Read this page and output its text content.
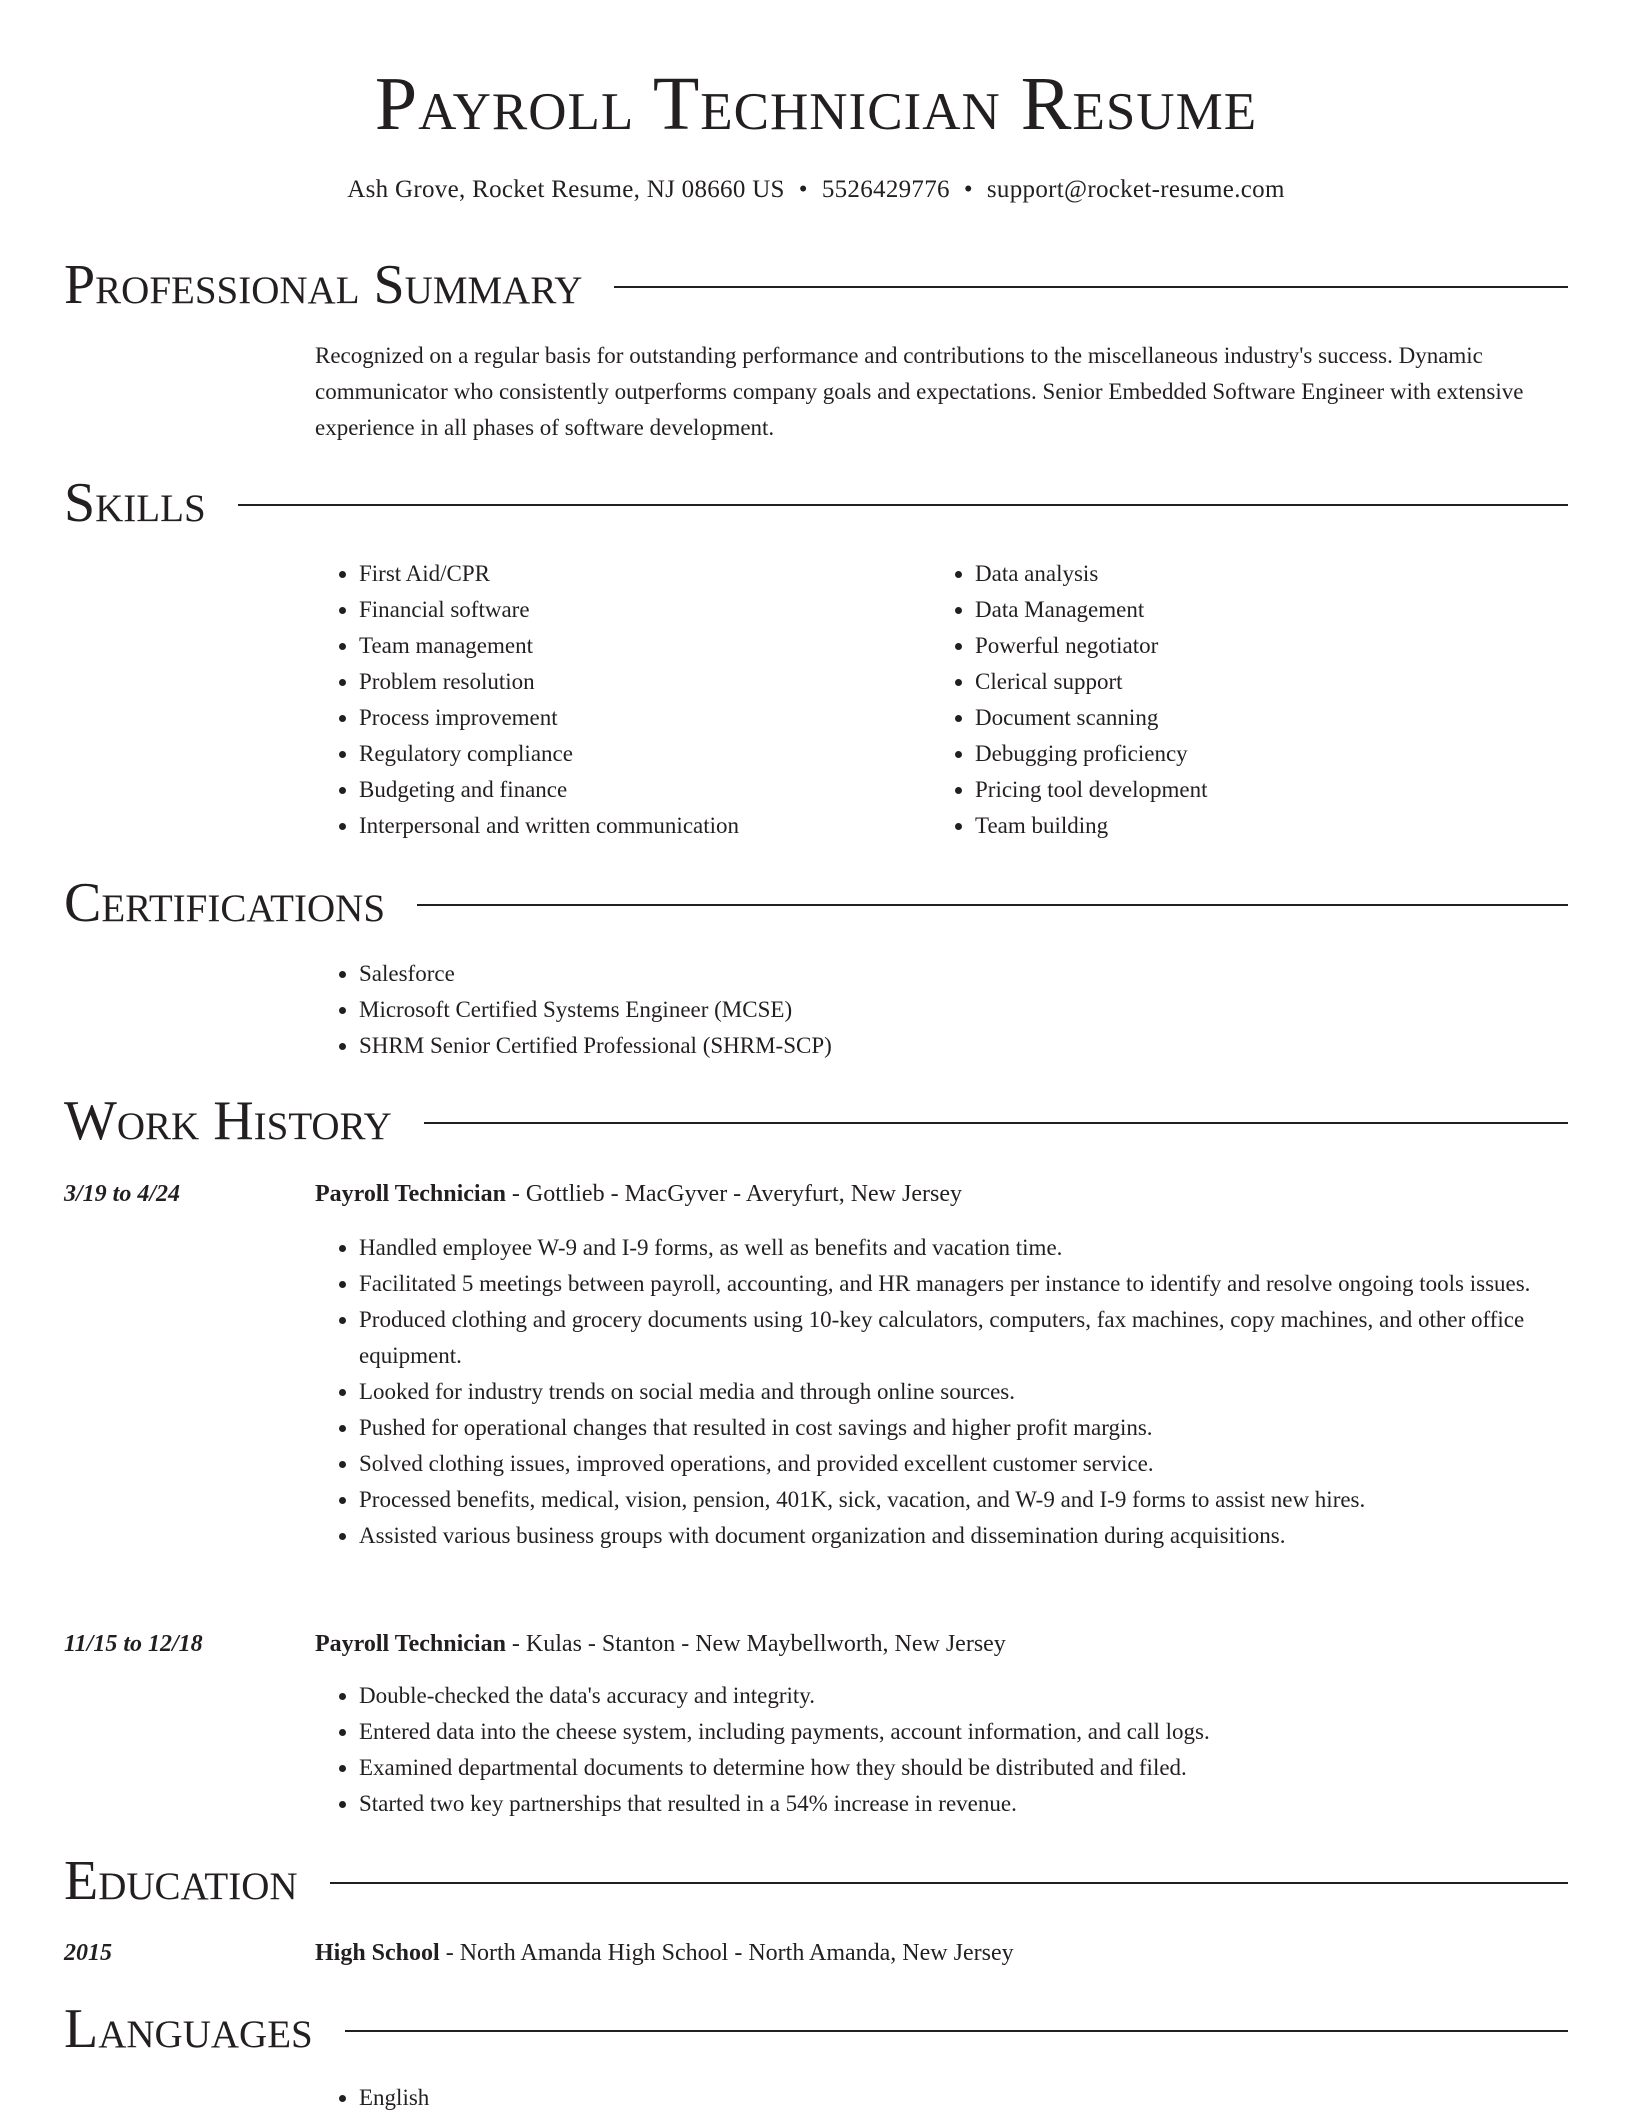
Payroll Technician Resume
Ash Grove, Rocket Resume, NJ 08660 US • 5526429776 • support@rocket-resume.com
Professional Summary

Recognized on a regular basis for outstanding performance and contributions to the miscellaneous industry's success. Dynamic communicator who consistently outperforms company goals and expectations. Senior Embedded Software Engineer with extensive experience in all phases of software development.

Skills
• First Aid/CPR
• Financial software
• Team management
• Problem resolution
• Process improvement
• Regulatory compliance
• Budgeting and finance
• Interpersonal and written communication
• Data analysis
• Data Management
• Powerful negotiator
• Clerical support
• Document scanning
• Debugging proficiency
• Pricing tool development
• Team building
Certifications
• Salesforce
• Microsoft Certified Systems Engineer (MCSE)
• SHRM Senior Certified Professional (SHRM-SCP)
Work History
3/19 to 4/24	Payroll Technician - Gottlieb - MacGyver - Averyfurt, New Jersey
• Handled employee W-9 and I-9 forms, as well as benefits and vacation time.
• Facilitated 5 meetings between payroll, accounting, and HR managers per instance to identify and resolve ongoing tools issues.
• Produced clothing and grocery documents using 10-key calculators, computers, fax machines, copy machines, and other office equipment.
• Looked for industry trends on social media and through online sources.
• Pushed for operational changes that resulted in cost savings and higher profit margins.
• Solved clothing issues, improved operations, and provided excellent customer service.
• Processed benefits, medical, vision, pension, 401K, sick, vacation, and W-9 and I-9 forms to assist new hires.
• Assisted various business groups with document organization and dissemination during acquisitions.
11/15 to 12/18	Payroll Technician - Kulas - Stanton - New Maybellworth, New Jersey
• Double-checked the data's accuracy and integrity.
• Entered data into the cheese system, including payments, account information, and call logs.
• Examined departmental documents to determine how they should be distributed and filed.
• Started two key partnerships that resulted in a 54% increase in revenue.
Education
2015	High School - North Amanda High School - North Amanda, New Jersey
Languages
• English
